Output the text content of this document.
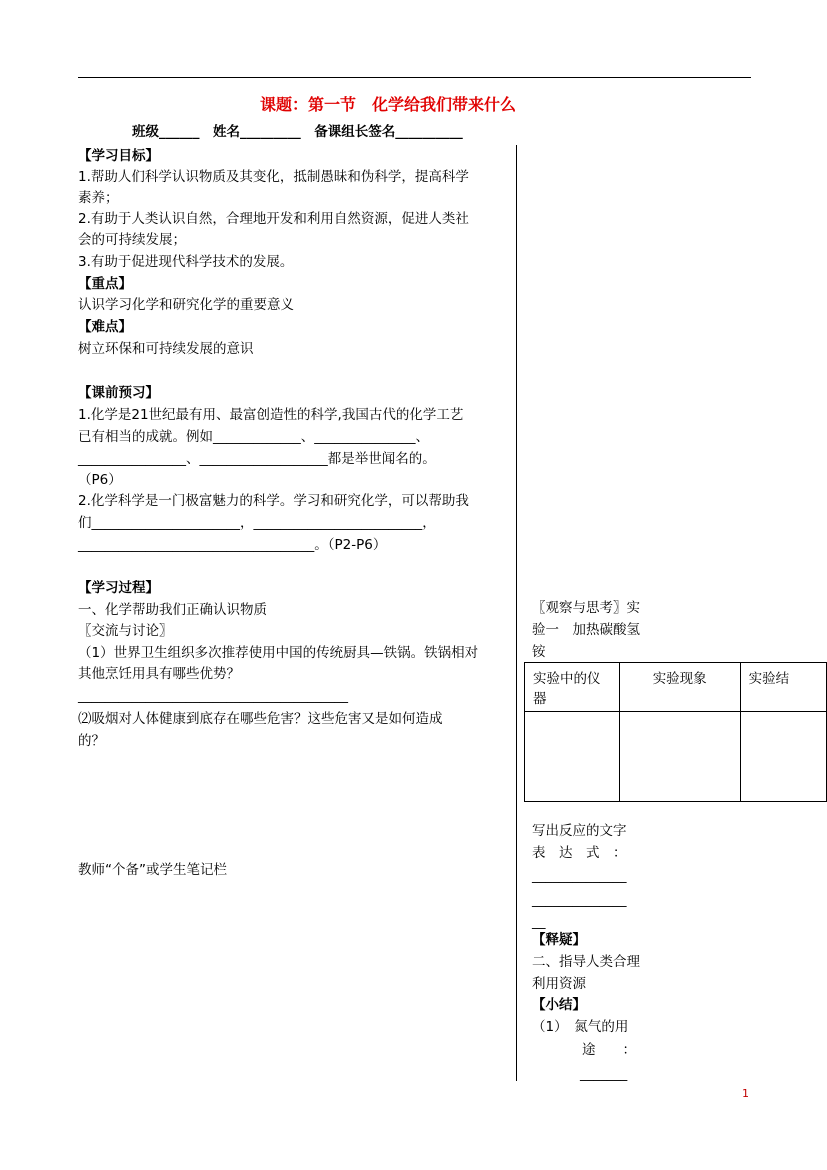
课题：第一节　化学给我们带来什么
班级______　姓名_________　备课组长签名__________
【学习目标】
1.帮助人们科学认识物质及其变化，抵制愚昧和伪科学，提高科学
素养；
2.有助于人类认识自然，合理地开发和利用自然资源，促进人类社
会的可持续发展；
3.有助于促进现代科学技术的发展。
【重点】
认识学习化学和研究化学的重要意义
【难点】
树立环保和可持续发展的意识
【课前预习】
1.化学是21世纪最有用、最富创造性的科学,我国古代的化学工艺
已有相当的成就。例如_____________、_______________、
________________、___________________都是举世闻名的。
（P6）
2.化学科学是一门极富魅力的科学。学习和研究化学，可以帮助我
们______________________，_________________________，
___________________________________。（P2-P6）
【学习过程】
一、化学帮助我们正确认识物质
〖交流与讨论〗
（1）世界卫生组织多次推荐使用中国的传统厨具—铁锅。铁锅相对
其他烹饪用具有哪些优势？
________________________________________
⑵吸烟对人体健康到底存在哪些危害？这些危害又是如何造成
的？
教师“个备”或学生笔记栏
〖观察与思考〗实
验一　加热碳酸氢
铵
实验中的仪器	实验现象	实验结

写出反应的文字
表　达　式　：
______________
______________
__
【释疑】
二、指导人类合理
利用资源
【小结】
（1）　氮气的用
途　　：
_______
1
